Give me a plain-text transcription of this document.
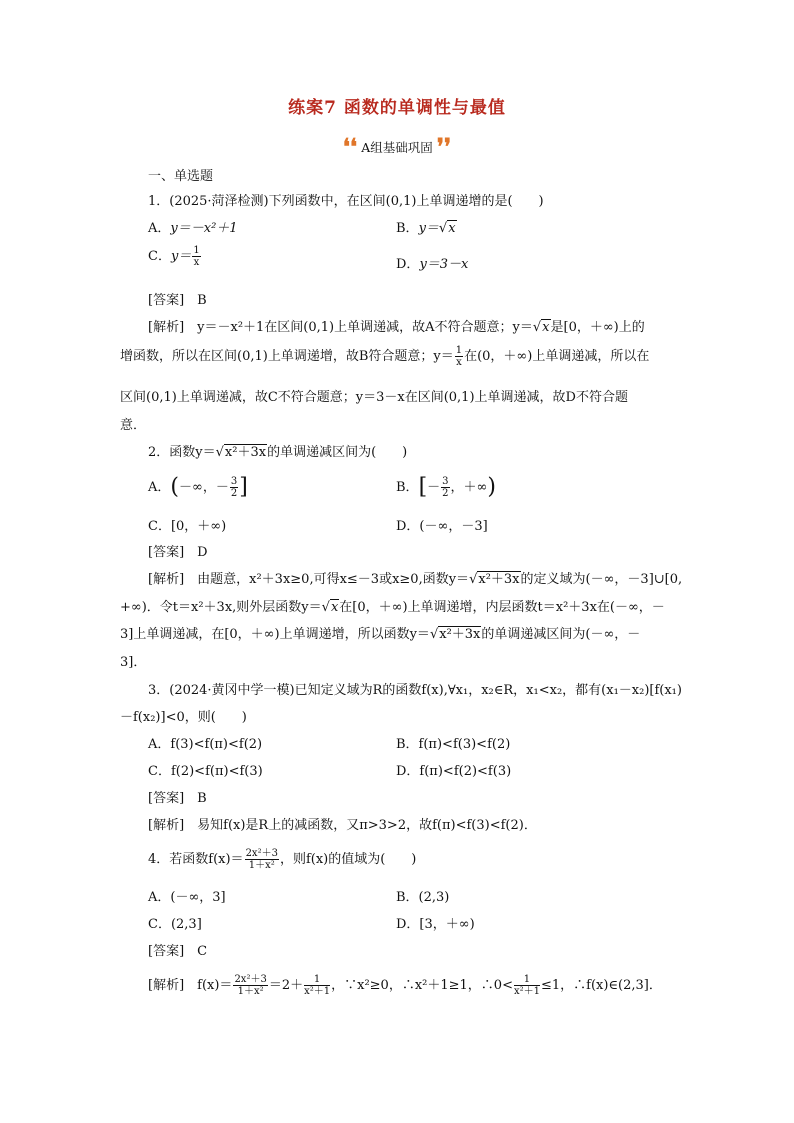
练案7 函数的单调性与最值
❛❛ A组基础巩固 ❜❜
一、单选题
1．(2025·菏泽检测)下列函数中，在区间(0,1)上单调递增的是(　　)
A．y＝－x²＋1	B．y＝√x
C．$y= \frac{1}{x}$	D．y＝3－x
[答案]　B
[解析]　y＝－x²＋1在区间(0,1)上单调递减，故A不符合题意；y＝√x是[0，＋∞)上的
增函数，所以在区间(0,1)上单调递增，故B符合题意；$y= \frac{1}{x}$ 在(0，＋∞)上单调递减，所以在
区间(0,1)上单调递减，故C不符合题意；y＝3－x在区间(0,1)上单调递减，故D不符合题
意．
2．函数y＝√x²＋3x的单调递减区间为(　　)
A．(－∞，－ $\frac{3}{2}$ ]	B．[－ $\frac{3}{2}$ ，＋∞)
C．[0，＋∞)	D．(－∞，－3]
[答案]　D
[解析]　由题意，x²＋3x≥0,可得x≤－3或x≥0,函数y＝√x²＋3x的定义域为(－∞，－3]∪[0,
+∞)．令t＝x²＋3x,则外层函数y＝√x在[0，＋∞)上单调递增，内层函数t＝x²＋3x在(－∞，－
3]上单调递减，在[0，＋∞)上单调递增，所以函数y＝√x²＋3x的单调递减区间为(－∞，－
3]．
3．(2024·黄冈中学一模)已知定义域为R的函数f(x),∀x₁，x₂∈R，x₁<x₂，都有(x₁－x₂)[f(x₁)
－f(x₂)]<0，则(　　)
A．f(3)<f(π)<f(2)	B．f(π)<f(3)<f(2)
C．f(2)<f(π)<f(3)	D．f(π)<f(2)<f(3)
[答案]　B
[解析]　易知f(x)是R上的减函数，又π>3>2，故f(π)<f(3)<f(2)．
4．若函数$f(x)= \frac{\text{2x²＋3}}{\text{1＋x²}}$ ，则f(x)的值域为(　　)
A．(－∞，3]	B．(2,3)
C．(2,3]	D．[3，＋∞)
[答案]　C
[解析]　$f(x)= \frac{\text{2x²＋3}}{\text{1＋x²}} =2+ \frac{1}{\text{x²＋1}}$ ，∵x²≥0，∴x²＋1≥1，∴0< $\frac{1}{\text{x²＋1}} \le 1$，∴f(x)∈(2,3]．
